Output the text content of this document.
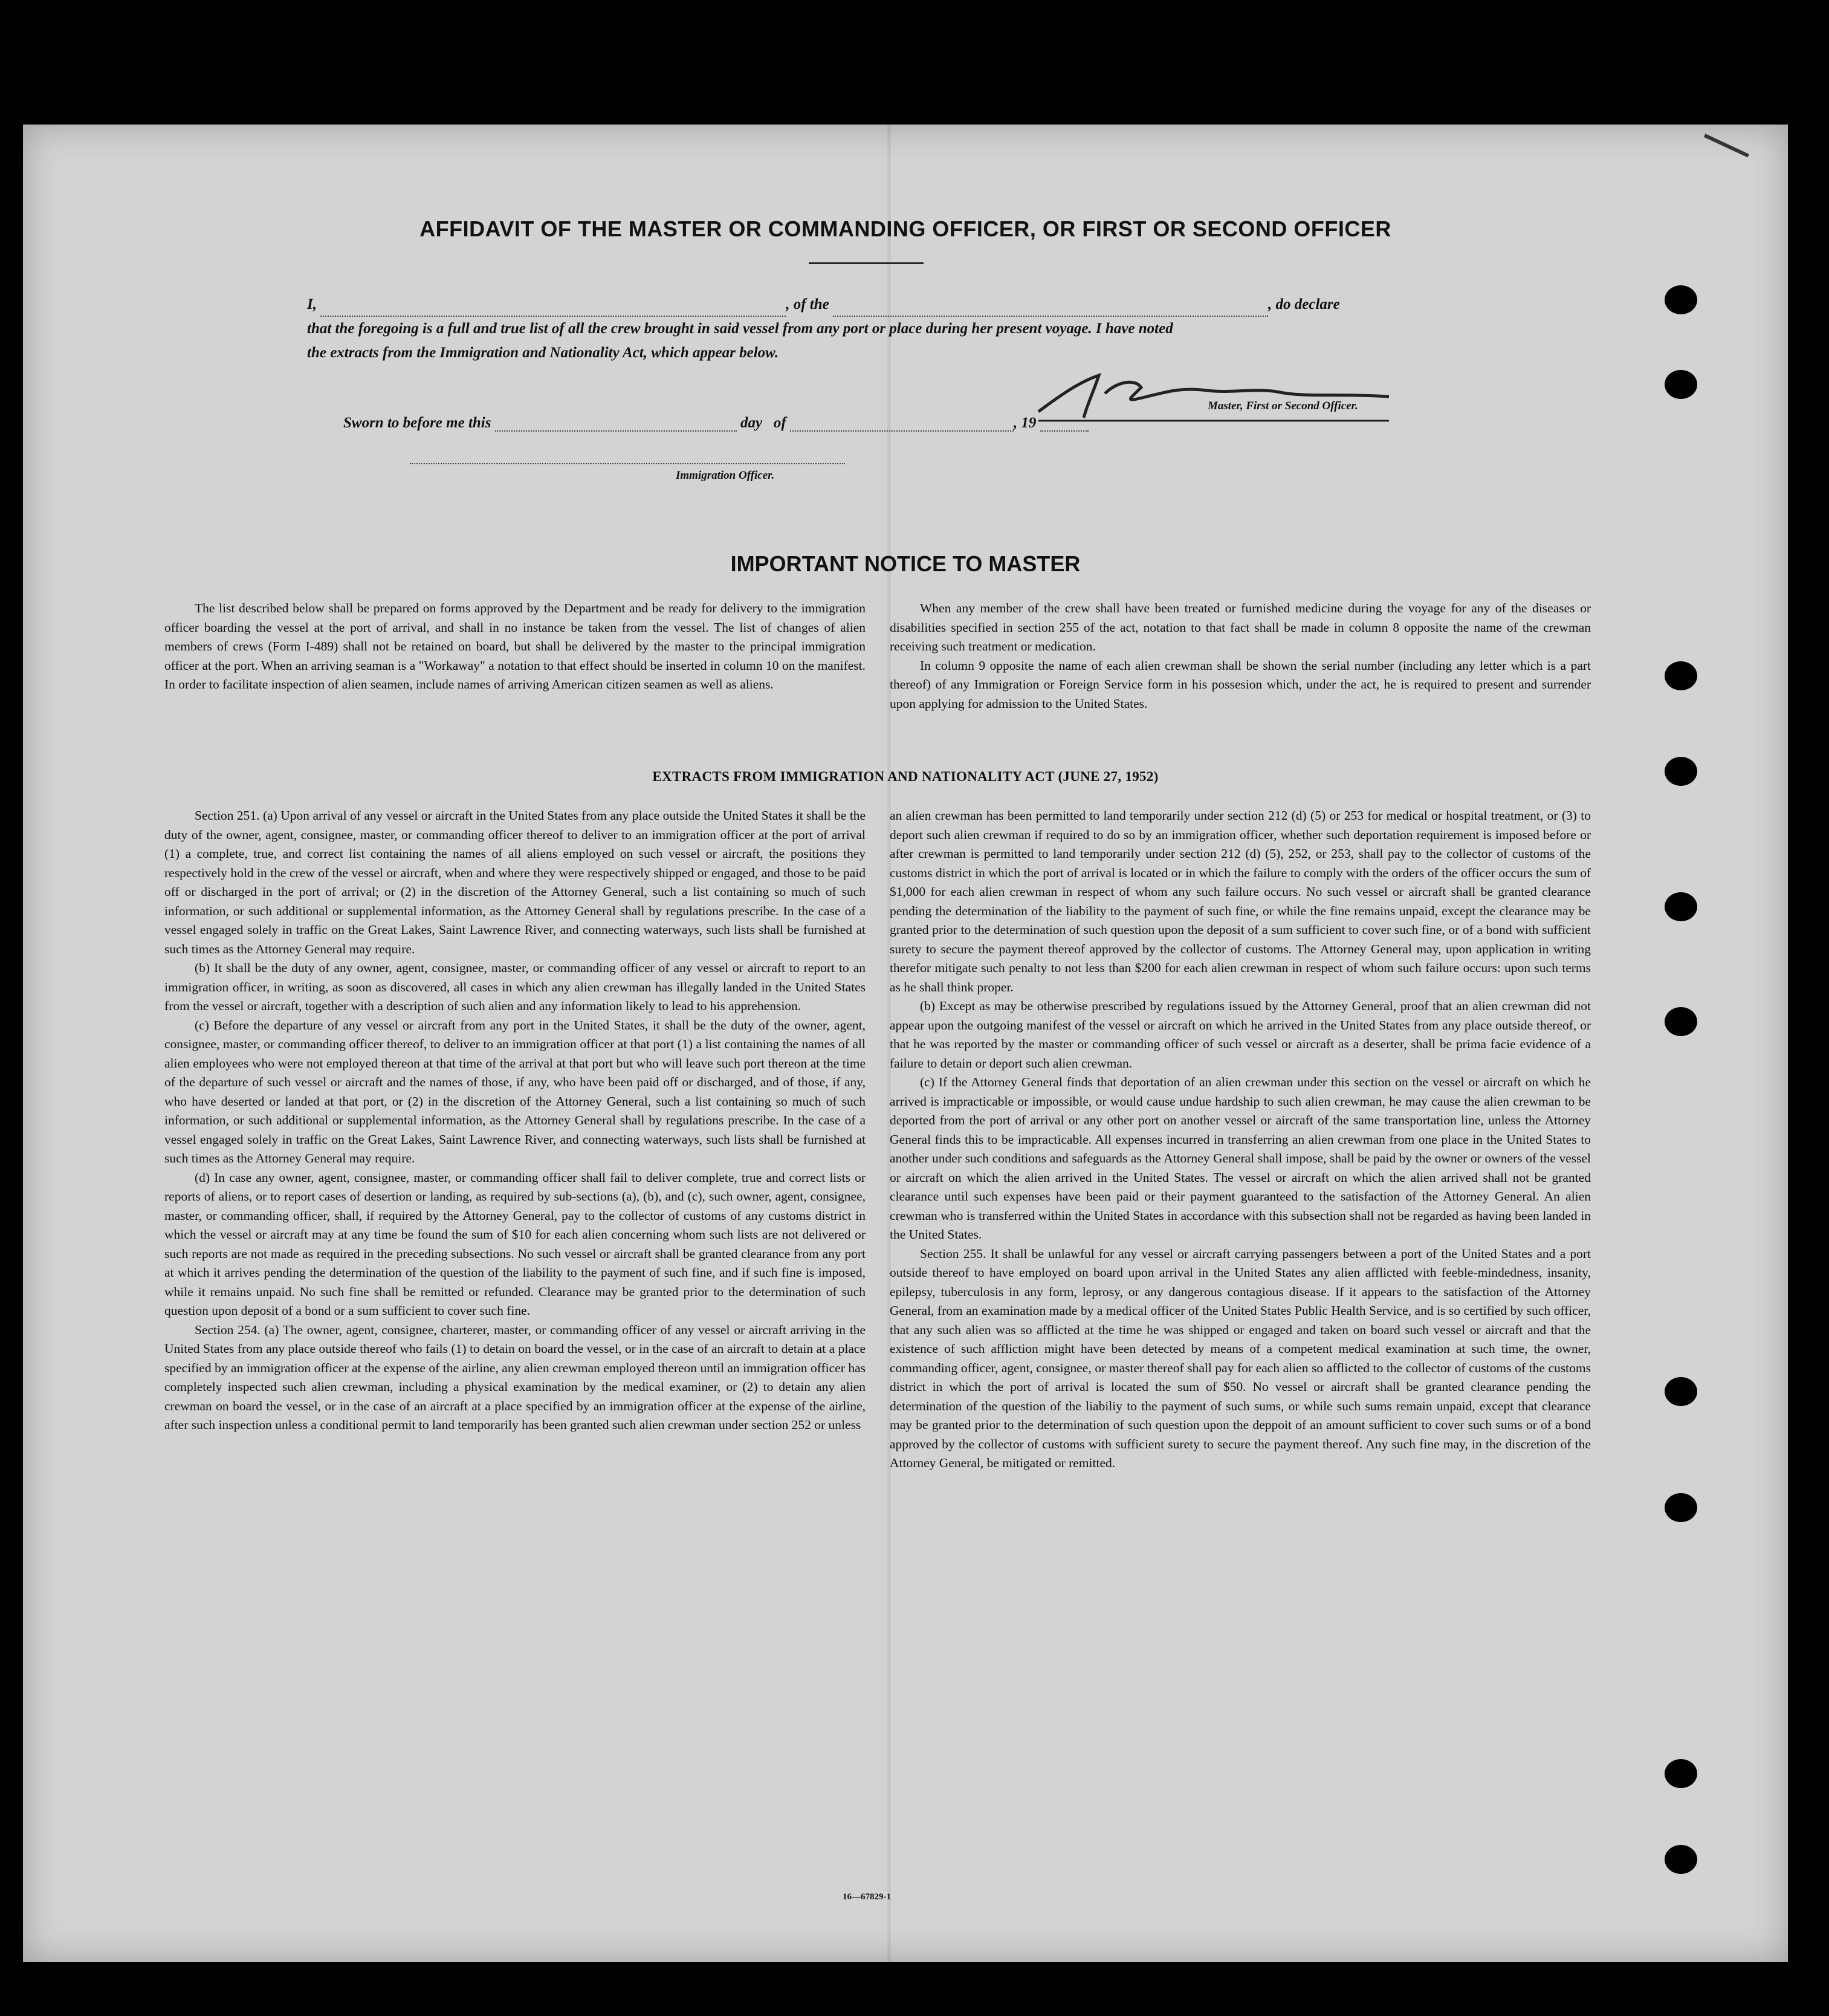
AFFIDAVIT OF THE MASTER OR COMMANDING OFFICER, OR FIRST OR SECOND OFFICER
I,	, of the	, do declare
that the foregoing is a full and true list of all the crew brought in said vessel from any port or place during her present voyage. I have noted
the extracts from the Immigration and Nationality Act, which appear below.
Sworn to before me this	day of	, 19
Master, First or Second Officer.
Immigration Officer.
IMPORTANT NOTICE TO MASTER

The list described below shall be prepared on forms approved by the Department and be ready for delivery to the immigration officer boarding the vessel at the port of arrival, and shall in no instance be taken from the vessel. The list of changes of alien members of crews (Form I-489) shall not be retained on board, but shall be delivered by the master to the principal immigration officer at the port. When an arriving seaman is a "Workaway" a notation to that effect should be inserted in column 10 on the manifest. In order to facilitate inspection of alien seamen, include names of arriving American citizen seamen as well as aliens.

When any member of the crew shall have been treated or furnished medicine during the voyage for any of the diseases or disabilities specified in section 255 of the act, notation to that fact shall be made in column 8 opposite the name of the crewman receiving such treatment or medication.

In column 9 opposite the name of each alien crewman shall be shown the serial number (including any letter which is a part thereof) of any Immigration or Foreign Service form in his possesion which, under the act, he is required to present and surrender upon applying for admission to the United States.

EXTRACTS FROM IMMIGRATION AND NATIONALITY ACT (JUNE 27, 1952)

Section 251. (a) Upon arrival of any vessel or aircraft in the United States from any place outside the United States it shall be the duty of the owner, agent, consignee, master, or commanding officer thereof to deliver to an immigration officer at the port of arrival (1) a complete, true, and correct list containing the names of all aliens employed on such vessel or aircraft, the positions they respectively hold in the crew of the vessel or aircraft, when and where they were respectively shipped or engaged, and those to be paid off or discharged in the port of arrival; or (2) in the discretion of the Attorney General, such a list containing so much of such information, or such additional or supplemental information, as the Attorney General shall by regulations prescribe. In the case of a vessel engaged solely in traffic on the Great Lakes, Saint Lawrence River, and connecting waterways, such lists shall be furnished at such times as the Attorney General may require.

(b) It shall be the duty of any owner, agent, consignee, master, or commanding officer of any vessel or aircraft to report to an immigration officer, in writing, as soon as discovered, all cases in which any alien crewman has illegally landed in the United States from the vessel or aircraft, together with a description of such alien and any information likely to lead to his apprehension.

(c) Before the departure of any vessel or aircraft from any port in the United States, it shall be the duty of the owner, agent, consignee, master, or commanding officer thereof, to deliver to an immigration officer at that port (1) a list containing the names of all alien employees who were not employed thereon at that time of the arrival at that port but who will leave such port thereon at the time of the departure of such vessel or aircraft and the names of those, if any, who have been paid off or discharged, and of those, if any, who have deserted or landed at that port, or (2) in the discretion of the Attorney General, such a list containing so much of such information, or such additional or supplemental information, as the Attorney General shall by regulations prescribe. In the case of a vessel engaged solely in traffic on the Great Lakes, Saint Lawrence River, and connecting waterways, such lists shall be furnished at such times as the Attorney General may require.

(d) In case any owner, agent, consignee, master, or commanding officer shall fail to deliver complete, true and correct lists or reports of aliens, or to report cases of desertion or landing, as required by sub-sections (a), (b), and (c), such owner, agent, consignee, master, or commanding officer, shall, if required by the Attorney General, pay to the collector of customs of any customs district in which the vessel or aircraft may at any time be found the sum of $10 for each alien concerning whom such lists are not delivered or such reports are not made as required in the preceding subsections. No such vessel or aircraft shall be granted clearance from any port at which it arrives pending the determination of the question of the liability to the payment of such fine, and if such fine is imposed, while it remains unpaid. No such fine shall be remitted or refunded. Clearance may be granted prior to the determination of such question upon deposit of a bond or a sum sufficient to cover such fine.

Section 254. (a) The owner, agent, consignee, charterer, master, or commanding officer of any vessel or aircraft arriving in the United States from any place outside thereof who fails (1) to detain on board the vessel, or in the case of an aircraft to detain at a place specified by an immigration officer at the expense of the airline, any alien crewman employed thereon until an immigration officer has completely inspected such alien crewman, including a physical examination by the medical examiner, or (2) to detain any alien crewman on board the vessel, or in the case of an aircraft at a place specified by an immigration officer at the expense of the airline, after such inspection unless a conditional permit to land temporarily has been granted such alien crewman under section 252 or unless

an alien crewman has been permitted to land temporarily under section 212 (d) (5) or 253 for medical or hospital treatment, or (3) to deport such alien crewman if required to do so by an immigration officer, whether such deportation requirement is imposed before or after crewman is permitted to land temporarily under section 212 (d) (5), 252, or 253, shall pay to the collector of customs of the customs district in which the port of arrival is located or in which the failure to comply with the orders of the officer occurs the sum of $1,000 for each alien crewman in respect of whom any such failure occurs. No such vessel or aircraft shall be granted clearance pending the determination of the liability to the payment of such fine, or while the fine remains unpaid, except the clearance may be granted prior to the determination of such question upon the deposit of a sum sufficient to cover such fine, or of a bond with sufficient surety to secure the payment thereof approved by the collector of customs. The Attorney General may, upon application in writing therefor mitigate such penalty to not less than $200 for each alien crewman in respect of whom such failure occurs: upon such terms as he shall think proper.

(b) Except as may be otherwise prescribed by regulations issued by the Attorney General, proof that an alien crewman did not appear upon the outgoing manifest of the vessel or aircraft on which he arrived in the United States from any place outside thereof, or that he was reported by the master or commanding officer of such vessel or aircraft as a deserter, shall be prima facie evidence of a failure to detain or deport such alien crewman.

(c) If the Attorney General finds that deportation of an alien crewman under this section on the vessel or aircraft on which he arrived is impracticable or impossible, or would cause undue hardship to such alien crewman, he may cause the alien crewman to be deported from the port of arrival or any other port on another vessel or aircraft of the same transportation line, unless the Attorney General finds this to be impracticable. All expenses incurred in transferring an alien crewman from one place in the United States to another under such conditions and safeguards as the Attorney General shall impose, shall be paid by the owner or owners of the vessel or aircraft on which the alien arrived in the United States. The vessel or aircraft on which the alien arrived shall not be granted clearance until such expenses have been paid or their payment guaranteed to the satisfaction of the Attorney General. An alien crewman who is transferred within the United States in accordance with this subsection shall not be regarded as having been landed in the United States.

Section 255. It shall be unlawful for any vessel or aircraft carrying passengers between a port of the United States and a port outside thereof to have employed on board upon arrival in the United States any alien afflicted with feeble-mindedness, insanity, epilepsy, tuberculosis in any form, leprosy, or any dangerous contagious disease. If it appears to the satisfaction of the Attorney General, from an examination made by a medical officer of the United States Public Health Service, and is so certified by such officer, that any such alien was so afflicted at the time he was shipped or engaged and taken on board such vessel or aircraft and that the existence of such affliction might have been detected by means of a competent medical examination at such time, the owner, commanding officer, agent, consignee, or master thereof shall pay for each alien so afflicted to the collector of customs of the customs district in which the port of arrival is located the sum of $50. No vessel or aircraft shall be granted clearance pending the determination of the question of the liabiliy to the payment of such sums, or while such sums remain unpaid, except that clearance may be granted prior to the determination of such question upon the deppoit of an amount sufficient to cover such sums or of a bond approved by the collector of customs with sufficient surety to secure the payment thereof. Any such fine may, in the discretion of the Attorney General, be mitigated or remitted.

16—67829-1
